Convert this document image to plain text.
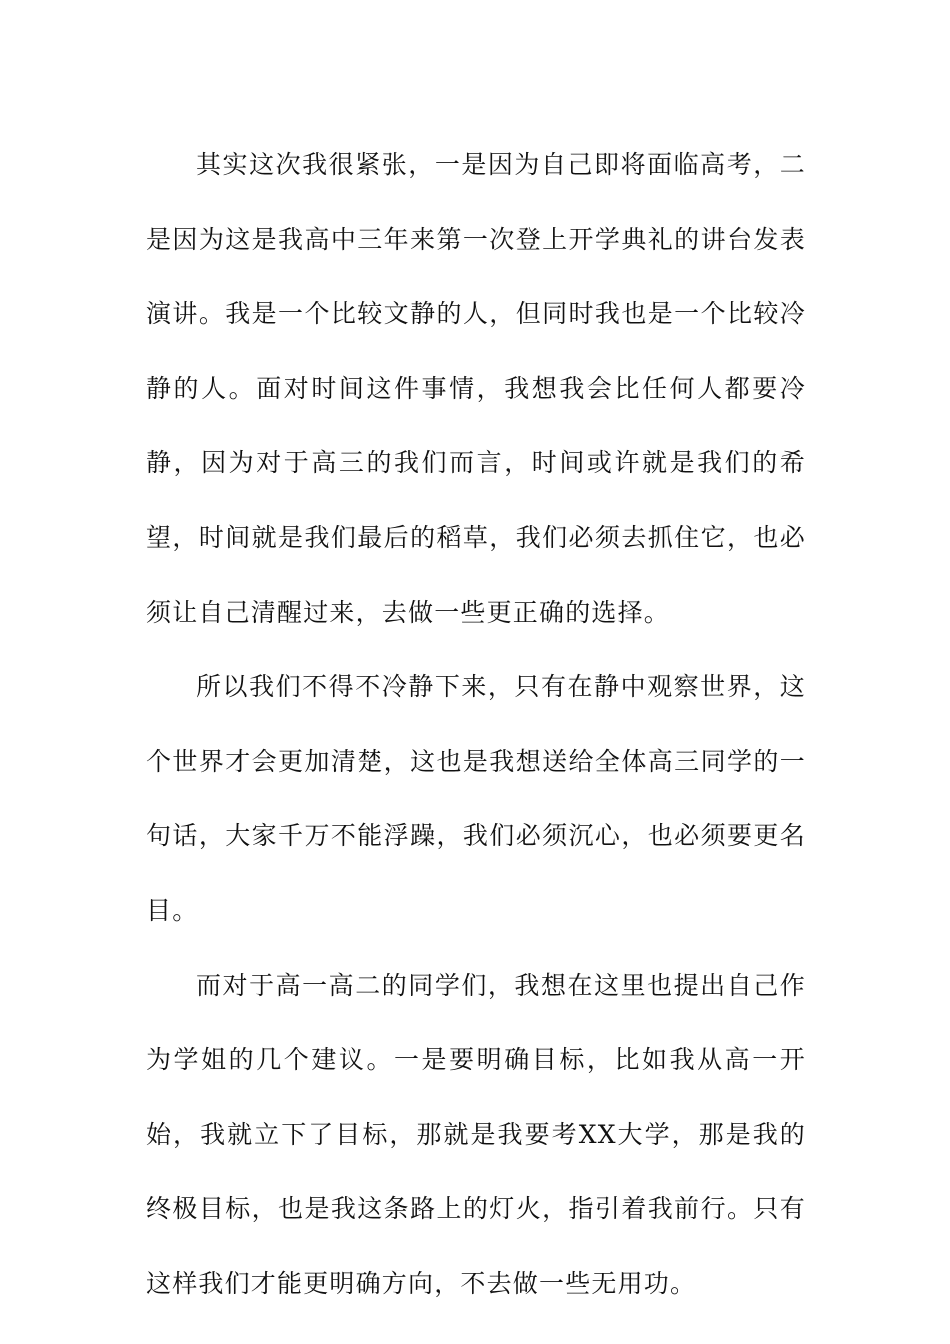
其实这次我很紧张，一是因为自己即将面临高考，二是因为这是我高中三年来第一次登上开学典礼的讲台发表演讲。我是一个比较文静的人，但同时我也是一个比较冷静的人。面对时间这件事情，我想我会比任何人都要冷静，因为对于高三的我们而言，时间或许就是我们的希望，时间就是我们最后的稻草，我们必须去抓住它，也必须让自己清醒过来，去做一些更正确的选择。

所以我们不得不冷静下来，只有在静中观察世界，这个世界才会更加清楚，这也是我想送给全体高三同学的一句话，大家千万不能浮躁，我们必须沉心，也必须要更名目。

而对于高一高二的同学们，我想在这里也提出自己作为学姐的几个建议。一是要明确目标，比如我从高一开始，我就立下了目标，那就是我要考XX大学，那是我的终极目标，也是我这条路上的灯火，指引着我前行。只有这样我们才能更明确方向，不去做一些无用功。
